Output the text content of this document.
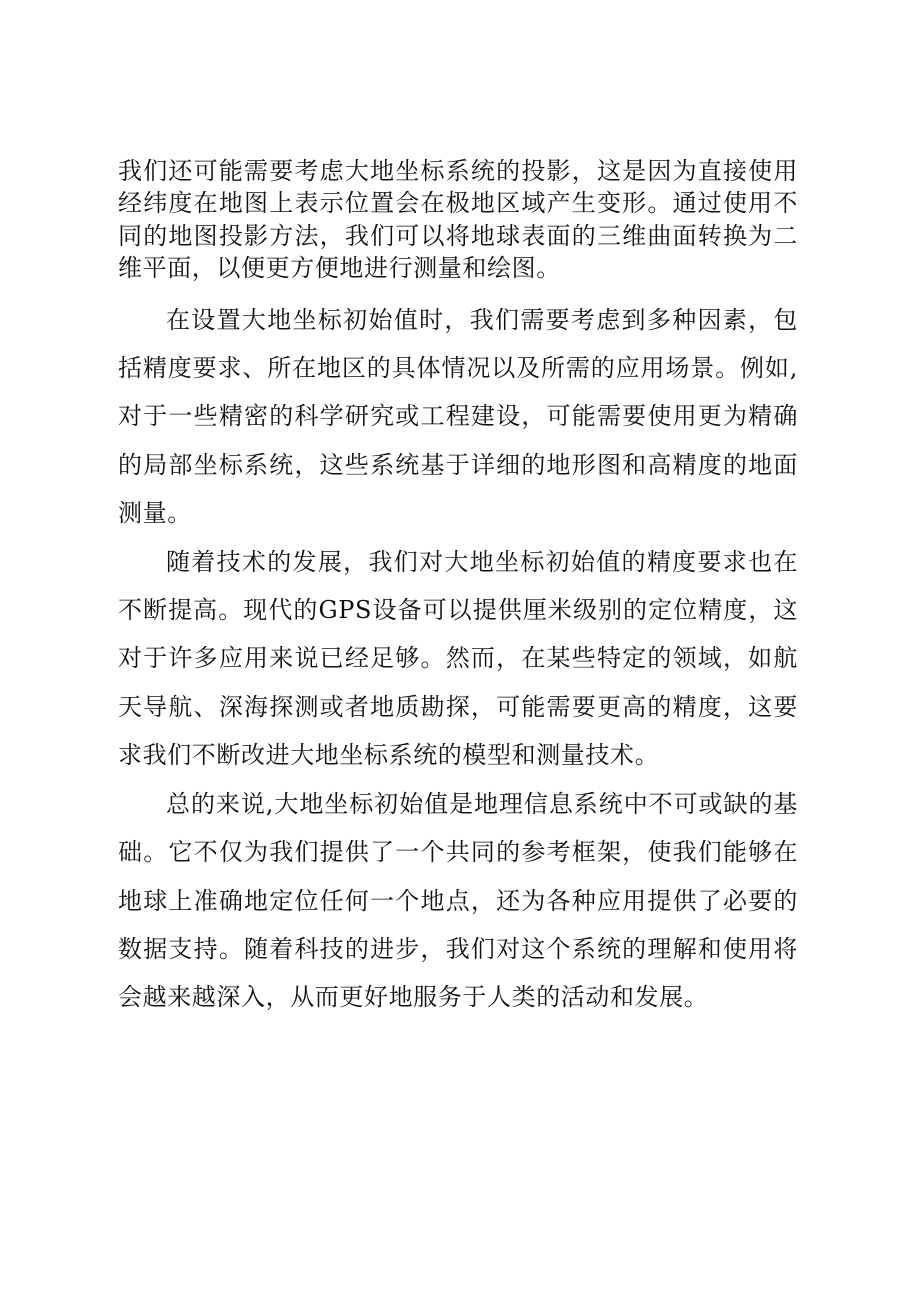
我们还可能需要考虑大地坐标系统的投影，这是因为直接使用经纬度在地图上表示位置会在极地区域产生变形。通过使用不同的地图投影方法，我们可以将地球表面的三维曲面转换为二维平面，以便更方便地进行测量和绘图。

在设置大地坐标初始值时，我们需要考虑到多种因素，包括精度要求、所在地区的具体情况以及所需的应用场景。例如,对于一些精密的科学研究或工程建设，可能需要使用更为精确的局部坐标系统，这些系统基于详细的地形图和高精度的地面测量。

随着技术的发展，我们对大地坐标初始值的精度要求也在不断提高。现代的GPS设备可以提供厘米级别的定位精度，这对于许多应用来说已经足够。然而，在某些特定的领域，如航天导航、深海探测或者地质勘探，可能需要更高的精度，这要求我们不断改进大地坐标系统的模型和测量技术。

总的来说,大地坐标初始值是地理信息系统中不可或缺的基础。它不仅为我们提供了一个共同的参考框架，使我们能够在地球上准确地定位任何一个地点，还为各种应用提供了必要的数据支持。随着科技的进步，我们对这个系统的理解和使用将会越来越深入，从而更好地服务于人类的活动和发展。
